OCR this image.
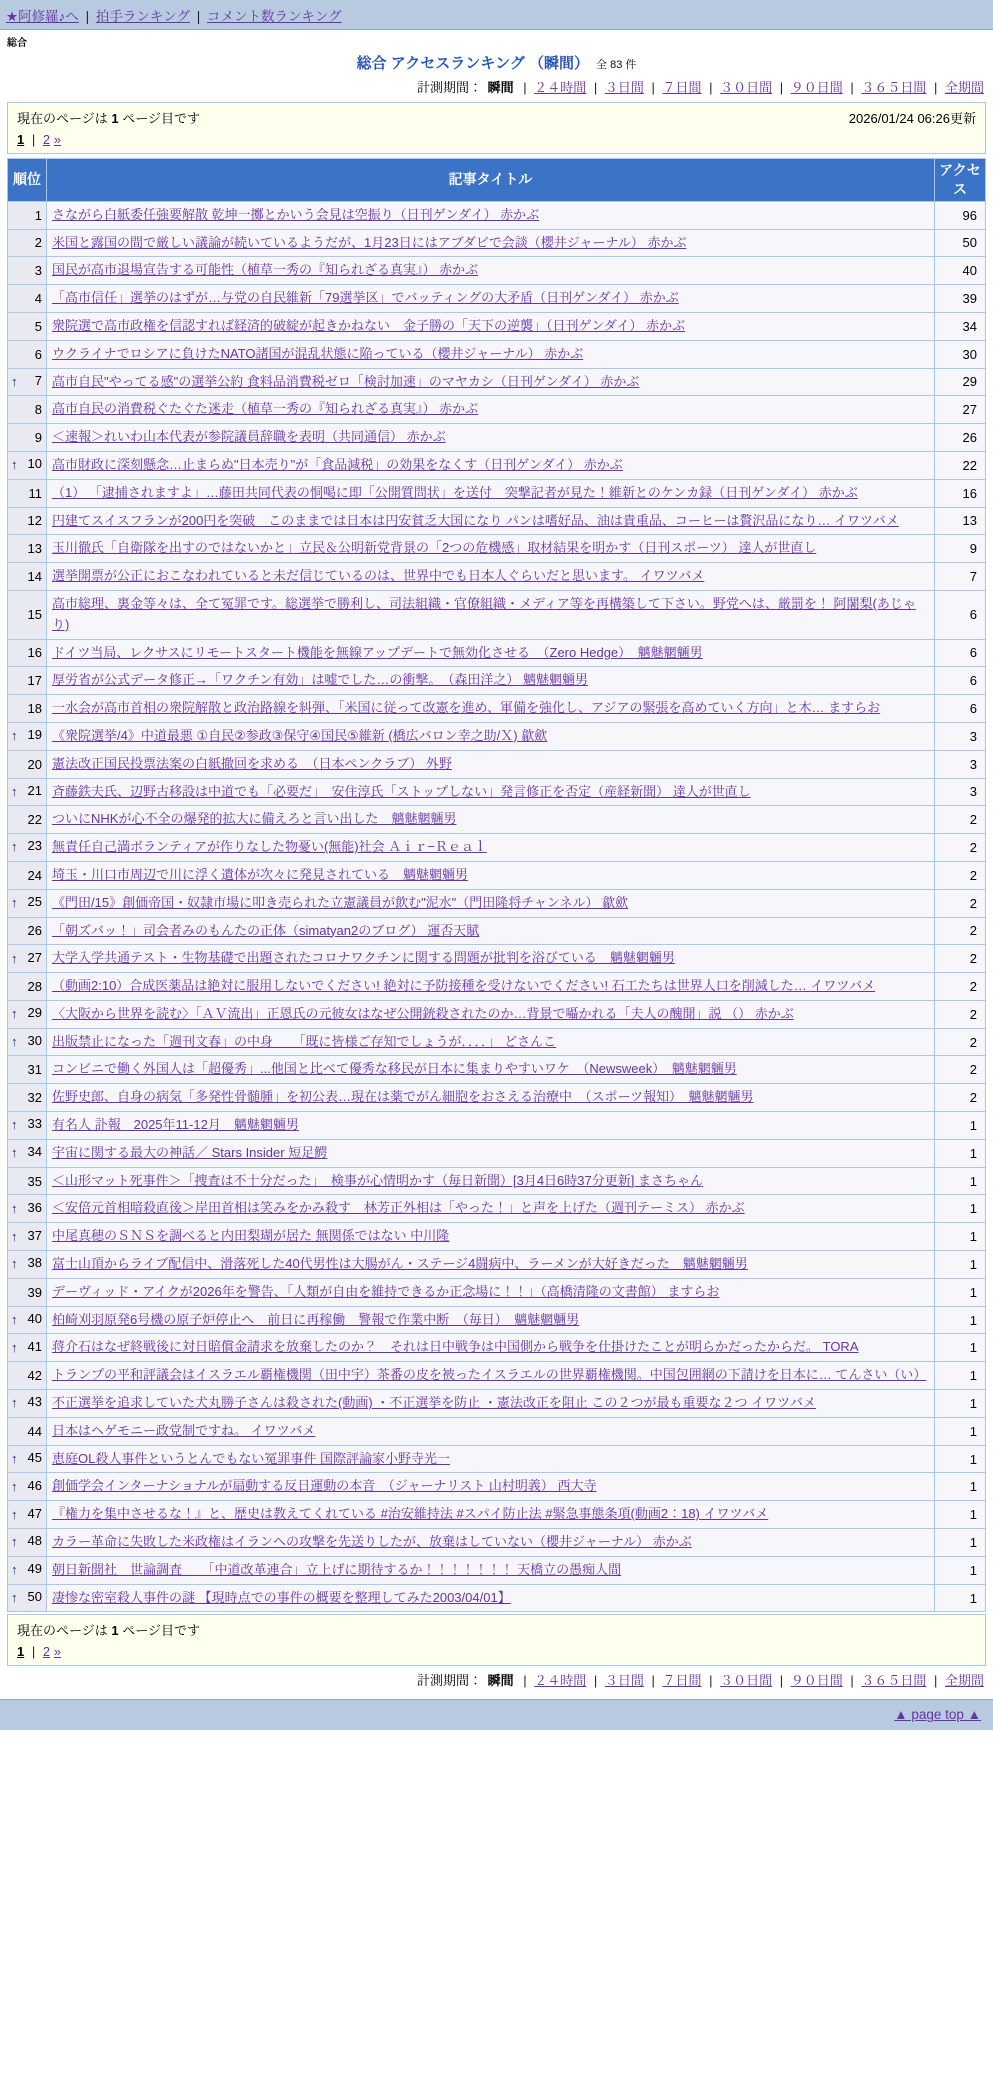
★阿修羅♪へ | 拍手ランキング | コメント数ランキング
総合
総合 アクセスランキング （瞬間） 全 83 件
計測期間： 瞬間 | ２４時間 | ３日間 | ７日間 | ３０日間 | ９０日間 | ３６５日間 | 全期間
現在のページは 1 ページ目です	2026/01/24 06:26更新
1 | 2 »
順位	記事タイトル	アクセス

1	さながら白紙委任強要解散 乾坤一擲とかいう会見は空振り（日刊ゲンダイ） 赤かぶ	96

2	米国と露国の間で厳しい議論が続いているようだが、1月23日にはアブダビで会談（櫻井ジャーナル） 赤かぶ	50

3	国民が高市退場宣告する可能性（植草一秀の『知られざる真実』） 赤かぶ	40

4	「高市信任」選挙のはずが…与党の自民維新「79選挙区」でバッティングの大矛盾（日刊ゲンダイ） 赤かぶ	39

5	衆院選で高市政権を信認すれば経済的破綻が起きかねない　金子勝の「天下の逆襲」（日刊ゲンダイ） 赤かぶ	34

6	ウクライナでロシアに負けたNATO諸国が混乱状態に陥っている（櫻井ジャーナル） 赤かぶ	30

↑ 7	高市自民"やってる感"の選挙公約 食料品消費税ゼロ「検討加速」のマヤカシ（日刊ゲンダイ） 赤かぶ	29

8	高市自民の消費税ぐたぐた迷走（植草一秀の『知られざる真実』） 赤かぶ	27

9	＜速報＞れいわ山本代表が参院議員辞職を表明（共同通信） 赤かぶ	26

↑ 10	高市財政に深刻懸念…止まらぬ"日本売り"が「食品減税」の効果をなくす（日刊ゲンダイ） 赤かぶ	22

11	（1） 「逮捕されますよ」…藤田共同代表の恫喝に即「公開質問状」を送付　突撃記者が見た！維新とのケンカ録（日刊ゲンダイ） 赤かぶ	16

12	円建てスイスフランが200円を突破　このままでは日本は円安貧乏大国になり パンは嗜好品、油は貴重品、コーヒーは贅沢品になり… イワツバメ	13

13	玉川徹氏「自衛隊を出すのではないかと」立民＆公明新党背景の「2つの危機感」取材結果を明かす（日刊スポーツ） 達人が世直し	9

14	選挙開票が公正におこなわれていると未だ信じているのは、世界中でも日本人ぐらいだと思います。 イワツバメ	7

15	高市総理、裏金等々は、全て冤罪です。総選挙で勝利し、司法組織・官僚組織・メディア等を再構築して下さい。野党へは、厳罰を！ 阿闍梨(あじゃり)	6

16	ドイツ当局、レクサスにリモートスタート機能を無線アップデートで無効化させる　（Zero Hedge）　魑魅魍魎男	6

17	厚労省が公式データ修正→「ワクチン有効」は嘘でした…の衝撃。　（森田洋之） 魑魅魍魎男	6

18	一水会が高市首相の衆院解散と政治路線を糾弾、「米国に従って改憲を進め、軍備を強化し、アジアの緊張を高めていく方向」と木… ますらお	6

↑ 19	《衆院選挙/4》中道最悪 ①自民②参政③保守④国民⑤維新 (橋広バロン幸之助/Ｘ) 歙歛	3

20	憲法改正国民投票法案の白紙撤回を求める　（日本ペンクラブ） 外野	3

↑ 21	斉藤鉄夫氏、辺野古移設は中道でも「必要だ」　安住淳氏「ストップしない」発言修正を否定（産経新聞） 達人が世直し	3

22	ついにNHKが心不全の爆発的拡大に備えろと言い出した　魑魅魍魎男	2

↑ 23	無責任自己満ボランティアが作りなした物憂い(無能)社会 Ａｉｒ−Ｒｅａｌ	2

24	埼玉・川口市周辺で川に浮く遺体が次々に発見されている　魑魅魍魎男	2

↑ 25	《門田/15》創価帝国・奴隷市場に叩き売られた立憲議員が飲む"泥水"（門田隆将チャンネル） 歙歛	2

26	「朝ズバッ！」司会者みのもんたの正体（simatyan2のブログ） 運否天賦	2

↑ 27	大学入学共通テスト・生物基礎で出題されたコロナワクチンに関する問題が批判を浴びている　魑魅魍魎男	2

28	（動画2:10）合成医薬品は絶対に服用しないでください! 絶対に予防接種を受けないでください! 石工たちは世界人口を削減した… イワツバメ	2

↑ 29	〈大阪から世界を読む〉「ＡＶ流出」正恩氏の元彼女はなぜ公開銃殺されたのか…背景で囁かれる「夫人の醜聞」説 （） 赤かぶ	2

↑ 30	出版禁止になった「週刊文春」の中身　　「既に皆様ご存知でしょうが．．．．」 どさんこ	2

31	コンビニで働く外国人は「超優秀」...他国と比べて優秀な移民が日本に集まりやすいワケ　（Newsweek）　魑魅魍魎男	2

32	佐野史郎、自身の病気「多発性骨髄腫」を初公表…現在は薬でがん細胞をおさえる治療中　（スポーツ報知）　魑魅魍魎男	2

↑ 33	有名人 訃報　2025年11-12月　魑魅魍魎男	1

↑ 34	宇宙に関する最大の神話／ Stars Insider 短足鰐	1

35	＜山形マット死事件＞「捜査は不十分だった」　検事が心情明かす（毎日新聞）[3月4日6時37分更新] まさちゃん	1

↑ 36	＜安倍元首相暗殺直後＞岸田首相は笑みをかみ殺す　林芳正外相は「やった！」と声を上げた（週刊テーミス） 赤かぶ	1

↑ 37	中尾真穂のＳＮＳを調べると内田梨瑚が居た 無関係ではない 中川隆	1

↑ 38	富士山頂からライブ配信中、滑落死した40代男性は大腸がん・ステージ4闘病中、ラーメンが大好きだった　魑魅魍魎男	1

39	デーヴィッド・アイクが2026年を警告、「人類が自由を維持できるか正念場に！！」（高橋清隆の文書館） ますらお	1

↑ 40	柏崎刈羽原発6号機の原子炉停止へ　前日に再稼働　警報で作業中断　（毎日）　魑魅魍魎男	1

↑ 41	蒋介石はなぜ終戦後に対日賠償金請求を放棄したのか？　それは日中戦争は中国側から戦争を仕掛けたことが明らかだったからだ。 TORA	1

42	トランプの平和評議会はイスラエル覇権機関（田中宇）茶番の皮を被ったイスラエルの世界覇権機関。中国包囲網の下請けを日本に… てんさい（い）	1

↑ 43	不正選挙を追求していた犬丸勝子さんは殺された(動画) ・不正選挙を防止 ・憲法改正を阻止 この２つが最も重要な２つ イワツバメ	1

44	日本はヘゲモニー政党制ですね。 イワツバメ	1

↑ 45	恵庭OL殺人事件というとんでもない冤罪事件 国際評論家小野寺光一	1

↑ 46	創価学会インターナショナルが扇動する反日運動の本音　（ジャーナリスト 山村明義） 西大寺	1

↑ 47	『権力を集中させるな！』と、歴史は教えてくれている #治安維持法 #スパイ防止法 #緊急事態条項(動画2：18) イワツバメ	1

↑ 48	カラー革命に失敗した米政権はイランへの攻撃を先送りしたが、放棄はしていない（櫻井ジャーナル） 赤かぶ	1

↑ 49	朝日新聞社　世論調査　　「中道改革連合」立上げに期待するか！！！！！！！ 天橋立の愚痴人間	1

↑ 50	凄惨な密室殺人事件の謎 【現時点での事件の概要を整理してみた2003/04/01】	1
現在のページは 1 ページ目です
1 | 2 »
計測期間： 瞬間 | ２４時間 | ３日間 | ７日間 | ３０日間 | ９０日間 | ３６５日間 | 全期間
▲ page top ▲
